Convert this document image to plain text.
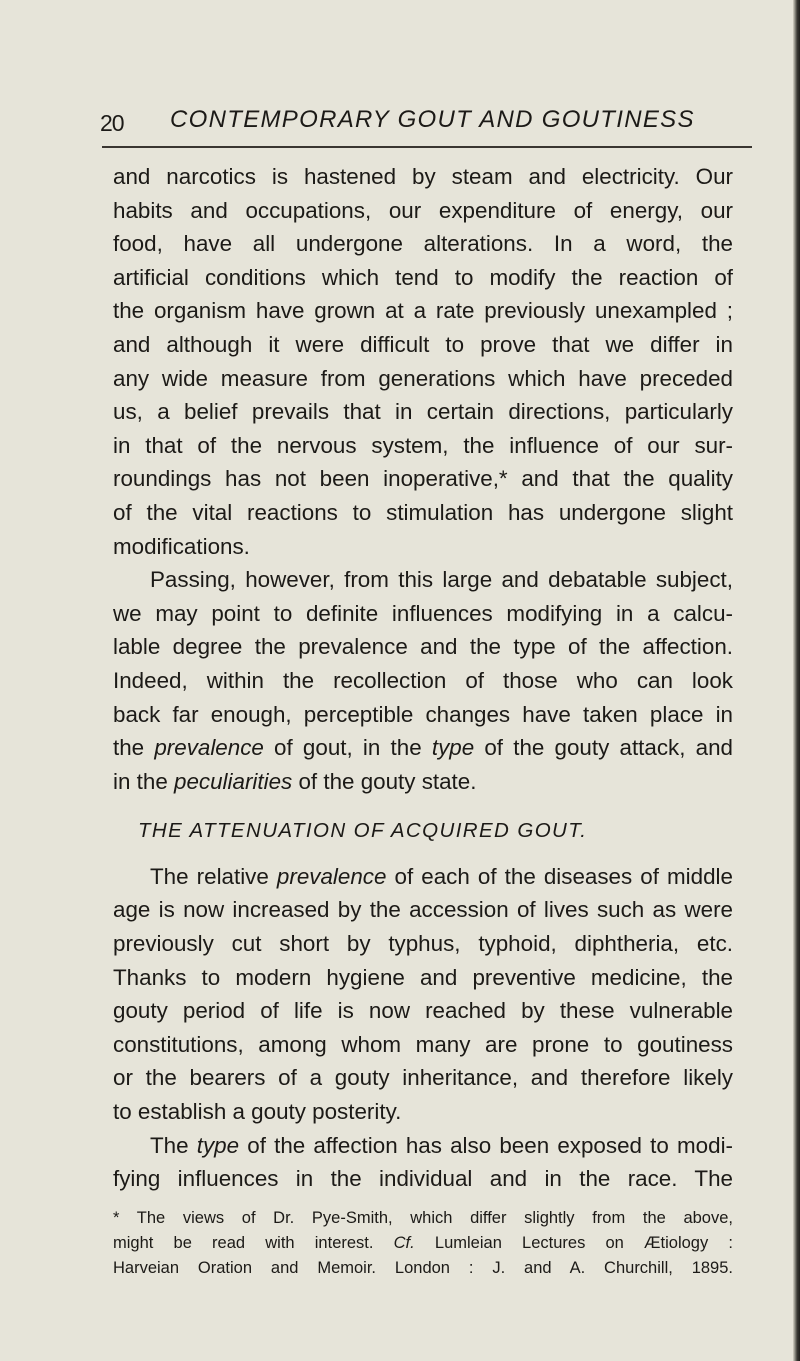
20 CONTEMPORARY GOUT AND GOUTINESS

and narcotics is hastened by steam and electricity. Our
habits and occupations, our expenditure of energy, our
food, have all undergone alterations. In a word, the
artificial conditions which tend to modify the reaction of
the organism have grown at a rate previously unexampled ;
and although it were difficult to prove that we differ in
any wide measure from generations which have preceded
us, a belief prevails that in certain directions, particularly
in that of the nervous system, the influence of our sur-
roundings has not been inoperative,* and that the quality
of the vital reactions to stimulation has undergone slight
modifications.
Passing, however, from this large and debatable subject,
we may point to definite influences modifying in a calcu-
lable degree the prevalence and the type of the affection.
Indeed, within the recollection of those who can look
back far enough, perceptible changes have taken place in
the prevalence of gout, in the type of the gouty attack, and
in the peculiarities of the gouty state.
THE ATTENUATION OF ACQUIRED GOUT.
The relative prevalence of each of the diseases of middle
age is now increased by the accession of lives such as were
previously cut short by typhus, typhoid, diphtheria, etc.
Thanks to modern hygiene and preventive medicine, the
gouty period of life is now reached by these vulnerable
constitutions, among whom many are prone to goutiness
or the bearers of a gouty inheritance, and therefore likely
to establish a gouty posterity.
The type of the affection has also been exposed to modi-
fying influences in the individual and in the race. The
* The views of Dr. Pye-Smith, which differ slightly from the above,
might be read with interest. Cf. Lumleian Lectures on Ætiology :
Harveian Oration and Memoir. London : J. and A. Churchill, 1895.
